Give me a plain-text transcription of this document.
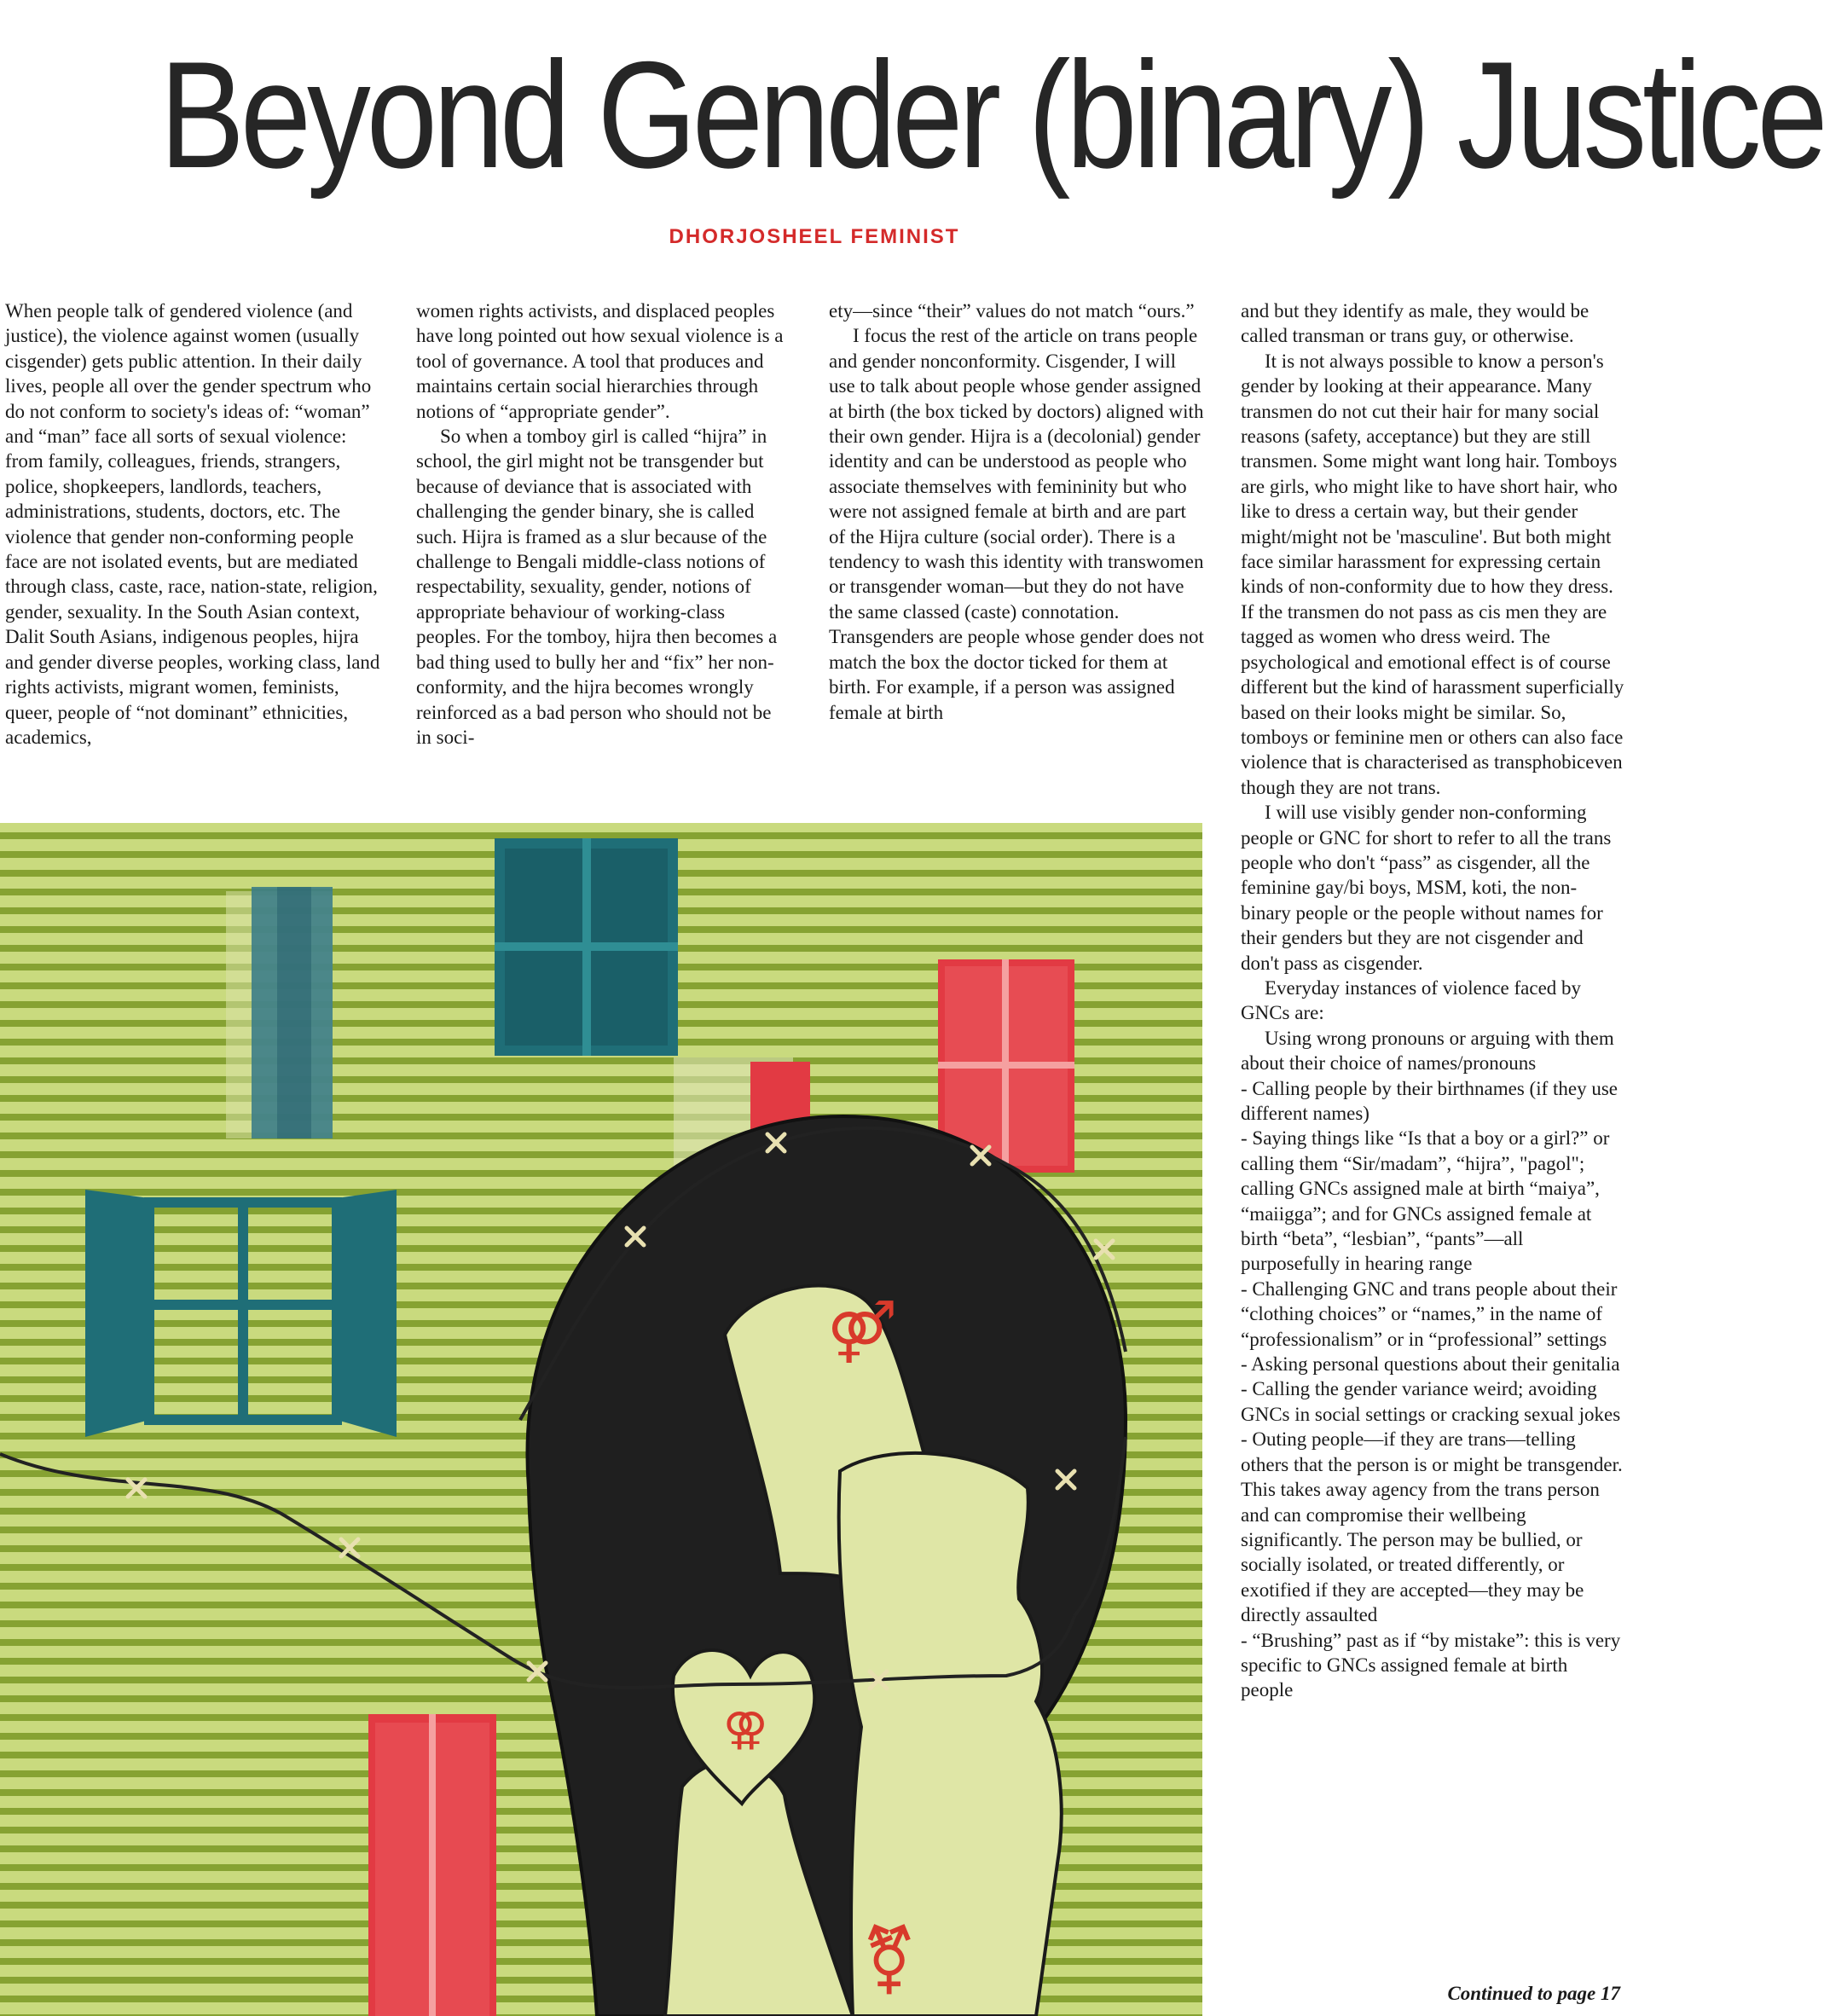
Beyond Gender (binary) Justice
DHORJOSHEEL FEMINIST

When people talk of gendered violence (and justice), the violence against women (usually cisgender) gets public attention. In their daily lives, people all over the gender spectrum who do not conform to society's ideas of: “woman” and “man” face all sorts of sexual violence: from family, colleagues, friends, strangers, police, shopkeepers, landlords, teachers, administrations, students, doctors, etc. The violence that gender non-conforming people face are not isolated events, but are mediated through class, caste, race, nation-state, religion, gender, sexuality. In the South Asian context, Dalit South Asians, indigenous peoples, hijra and gender diverse peoples, working class, land rights activists, migrant women, feminists, queer, people of “not dominant” ethnicities, academics,

women rights activists, and displaced peoples have long pointed out how sexual violence is a tool of governance. A tool that produces and maintains certain social hierarchies through notions of “appropriate gender”.

So when a tomboy girl is called “hijra” in school, the girl might not be transgender but because of deviance that is associated with challenging the gender binary, she is called such. Hijra is framed as a slur because of the challenge to Bengali middle-class notions of respectability, sexuality, gender, notions of appropriate behaviour of working-class peoples. For the tomboy, hijra then becomes a bad thing used to bully her and “fix” her non-conformity, and the hijra becomes wrongly reinforced as a bad person who should not be in soci-

ety—since “their” values do not match “ours.”

I focus the rest of the article on trans people and gender nonconformity. Cisgender, I will use to talk about people whose gender assigned at birth (the box ticked by doctors) aligned with their own gender. Hijra is a (decolonial) gender identity and can be understood as people who associate themselves with femininity but who were not assigned female at birth and are part of the Hijra culture (social order). There is a tendency to wash this identity with transwomen or transgender woman—but they do not have the same classed (caste) connotation. Transgenders are people whose gender does not match the box the doctor ticked for them at birth. For example, if a person was assigned female at birth

and but they identify as male, they would be called transman or trans guy, or otherwise.

It is not always possible to know a person's gender by looking at their appearance. Many transmen do not cut their hair for many social reasons (safety, acceptance) but they are still transmen. Some might want long hair. Tomboys are girls, who might like to have short hair, who like to dress a certain way, but their gender might/might not be 'masculine'. But both might face similar harassment for expressing certain kinds of non-conformity due to how they dress. If the transmen do not pass as cis men they are tagged as women who dress weird. The psychological and emotional effect is of course different but the kind of harassment superficially based on their looks might be similar. So, tomboys or feminine men or others can also face violence that is characterised as transphobiceven though they are not trans.

I will use visibly gender non-conforming people or GNC for short to refer to all the trans people who don't “pass” as cisgender, all the feminine gay/bi boys, MSM, koti, the non-binary people or the people without names for their genders but they are not cisgender and don't pass as cisgender.

Everyday instances of violence faced by GNCs are:

Using wrong pronouns or arguing with them about their choice of names/pronouns

- Calling people by their birthnames (if they use different names)

- Saying things like “Is that a boy or a girl?” or calling them “Sir/madam”, “hijra”, "pagol"; calling GNCs assigned male at birth “maiya”, “maiigga”; and for GNCs assigned female at birth “beta”, “lesbian”, “pants”—all purposefully in hearing range

- Challenging GNC and trans people about their “clothing choices” or “names,” in the name of “professionalism” or in “professional” settings

- Asking personal questions about their genitalia

- Calling the gender variance weird; avoiding GNCs in social settings or cracking sexual jokes

- Outing people—if they are trans—telling others that the person is or might be transgender. This takes away agency from the trans person and can compromise their wellbeing significantly. The person may be bullied, or socially isolated, or treated differently, or exotified if they are accepted—they may be directly assaulted

- “Brushing” past as if “by mistake”: this is very specific to GNCs assigned female at birth people

Continued to page 17
⚤
⚢
⚧
